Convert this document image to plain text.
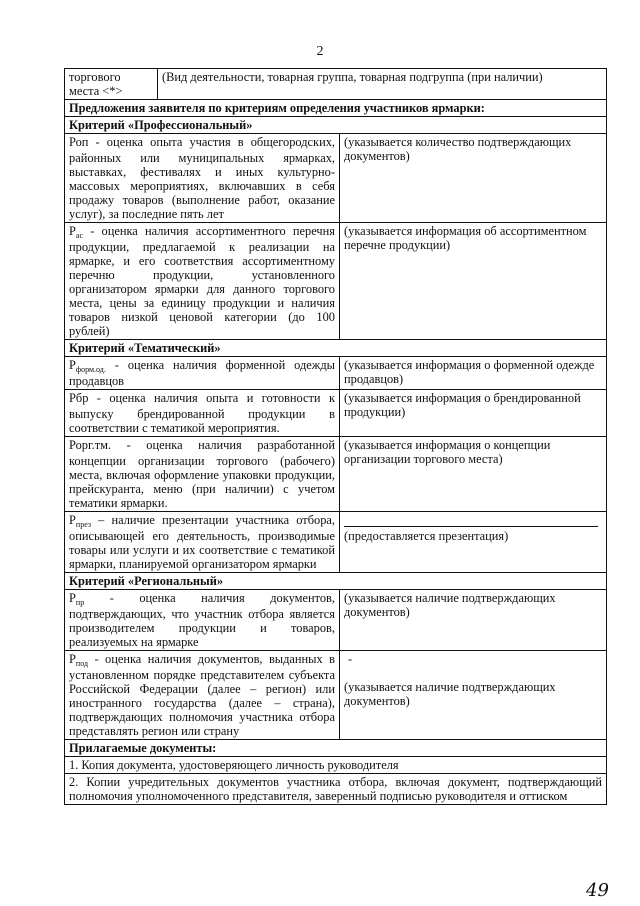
2
торгового места <*>	(Вид деятельности, товарная группа, товарная подгруппа (при наличии)	
Предложения заявителя по критериям определения участников ярмарки:		
Критерий «Профессиональный»		
Роп - оценка опыта участия в общегородских, районных или муниципальных ярмарках, выставках, фестивалях и иных культурно-массовых мероприятиях, включавших в себя продажу товаров (выполнение работ, оказание услуг), за последние пять лет		(указывается количество подтверждающих документов)
$Р_{ас}$ - оценка наличия ассортиментного перечня продукции, предлагаемой к реализации на ярмарке, и его соответствия ассортиментному перечню продукции, установленного организатором ярмарки для данного торгового места, цены за единицу продукции и наличия товаров низкой ценовой категории (до 100 рублей)		(указывается информация об ассортиментном перечне продукции)
Критерий «Тематический»		
$Р_{форм.од.}$ - оценка наличия форменной одежды продавцов		(указывается информация о форменной одежде продавцов)
Рбр - оценка наличия опыта и готовности к выпуску брендированной продукции в соответствии с тематикой мероприятия.		(указывается информация о брендированной продукции)
Рорг.тм. - оценка наличия разработанной концепции организации торгового (рабочего) места, включая оформление упаковки продукции, прейскуранта, меню (при наличии) с учетом тематики ярмарки.		(указывается информация о концепции организации торгового места)
$Р_{през}$ – наличие презентации участника отбора, описывающей его деятельность, производимые товары или услуги и их соответствие с тематикой ярмарки, планируемой организатором ярмарки		(предоставляется презентация)
Критерий «Региональный»		
$Р_{пр}$ - оценка наличия документов, подтверждающих, что участник отбора является производителем продукции и товаров, реализуемых на ярмарке		(указывается наличие подтверждающих документов)
$Р_{под}$ - оценка наличия документов, выданных в установленном порядке представителем субъекта Российской Федерации (далее – регион) или иностранного государства (далее – страна), подтверждающих полномочия участника отбора представлять регион или страну		-
(указывается наличие подтверждающих документов)
Прилагаемые документы:		
1. Копия документа, удостоверяющего личность руководителя		
2. Копии учредительных документов участника отбора, включая документ, подтверждающий полномочия уполномоченного представителя, заверенный подписью руководителя и оттиском		
49
